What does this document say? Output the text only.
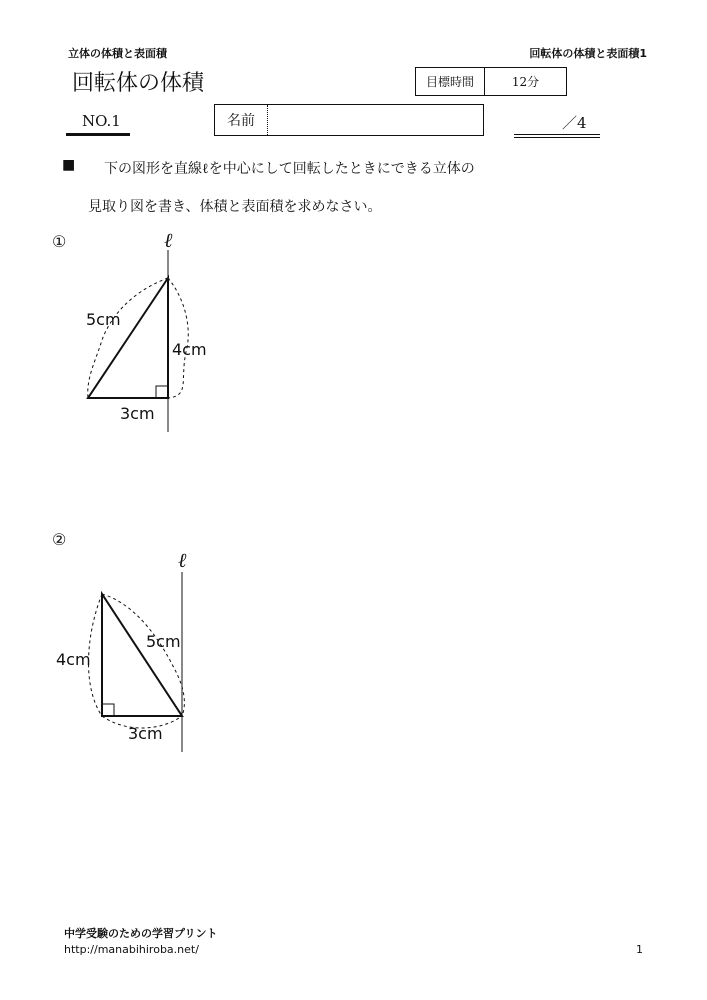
立体の体積と表面積	回転体の体積と表面積1
回転体の体積	目標時間	12分
NO.1	名前	／4
■ 下の図形を直線ℓを中心にして回転したときにできる立体の
見取り図を書き、体積と表面積を求めなさい。
①	ℓ
5cm
4cm
3cm
②
ℓ
5cm
4cm
3cm
中学受験のための学習プリント
http://manabihiroba.net/	1
